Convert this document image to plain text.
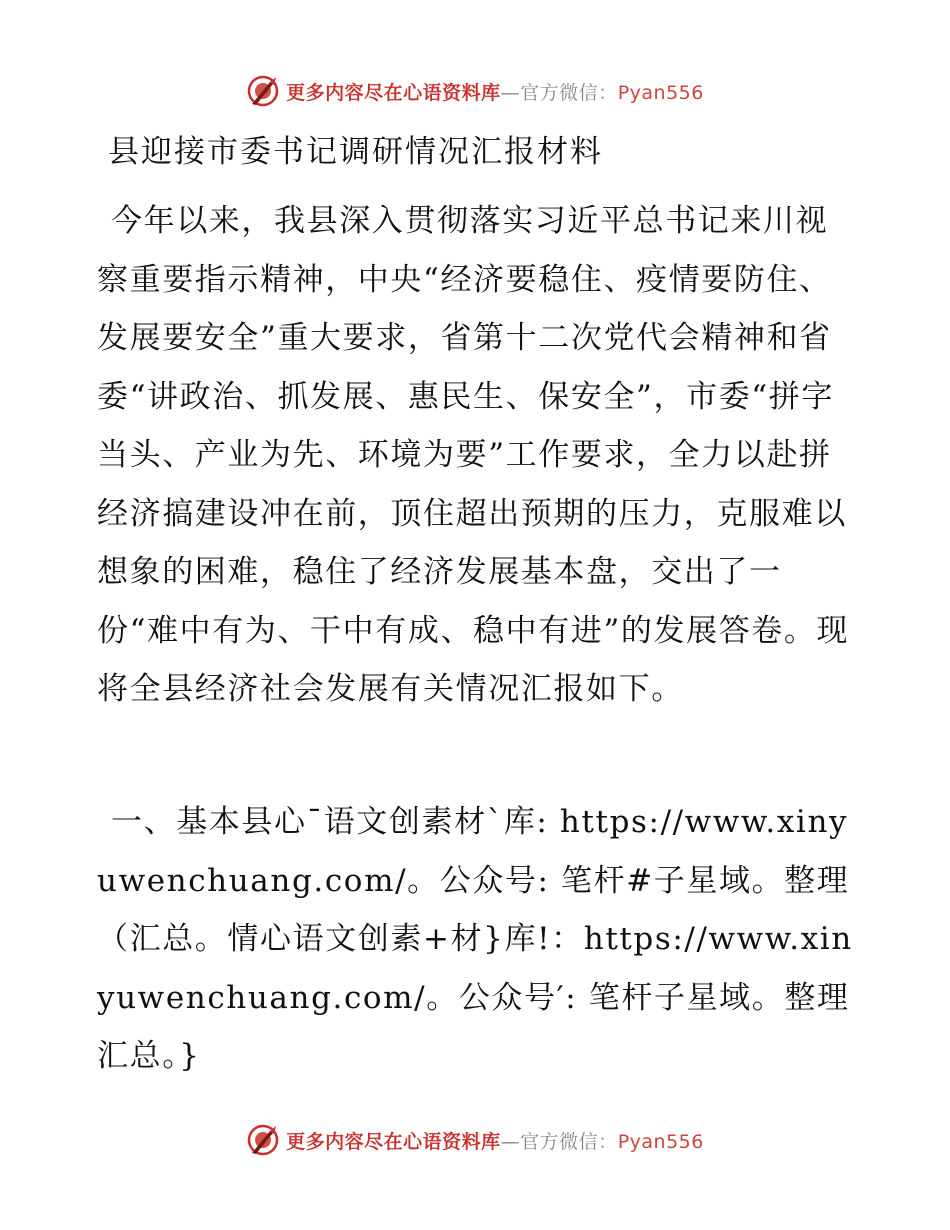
更多内容尽在心语资料库—官方微信：Pyan556
县迎接市委书记调研情况汇报材料

今年以来，我县深入贯彻落实习近平总书记来川视察重要指示精神，中央“经济要稳住、疫情要防住、发展要安全”重大要求，省第十二次党代会精神和省委“讲政治、抓发展、惠民生、保安全”，市委“拼字当头、产业为先、环境为要”工作要求，全力以赴拼经济搞建设冲在前，顶住超出预期的压力，克服难以想象的困难，稳住了经济发展基本盘，交出了一份“难中有为、干中有成、稳中有进”的发展答卷。现将全县经济社会发展有关情况汇报如下。

一、基本县心¯语文创素材`库: https://www.xinyuwenchuang.com/。公众号: 笔杆#子星域。整理（汇总。情心语文创素+材}库!：https://www.xinyuwenchuang.com/。公众号′: 笔杆子星域。整理汇总。}

更多内容尽在心语资料库—官方微信：Pyan556
